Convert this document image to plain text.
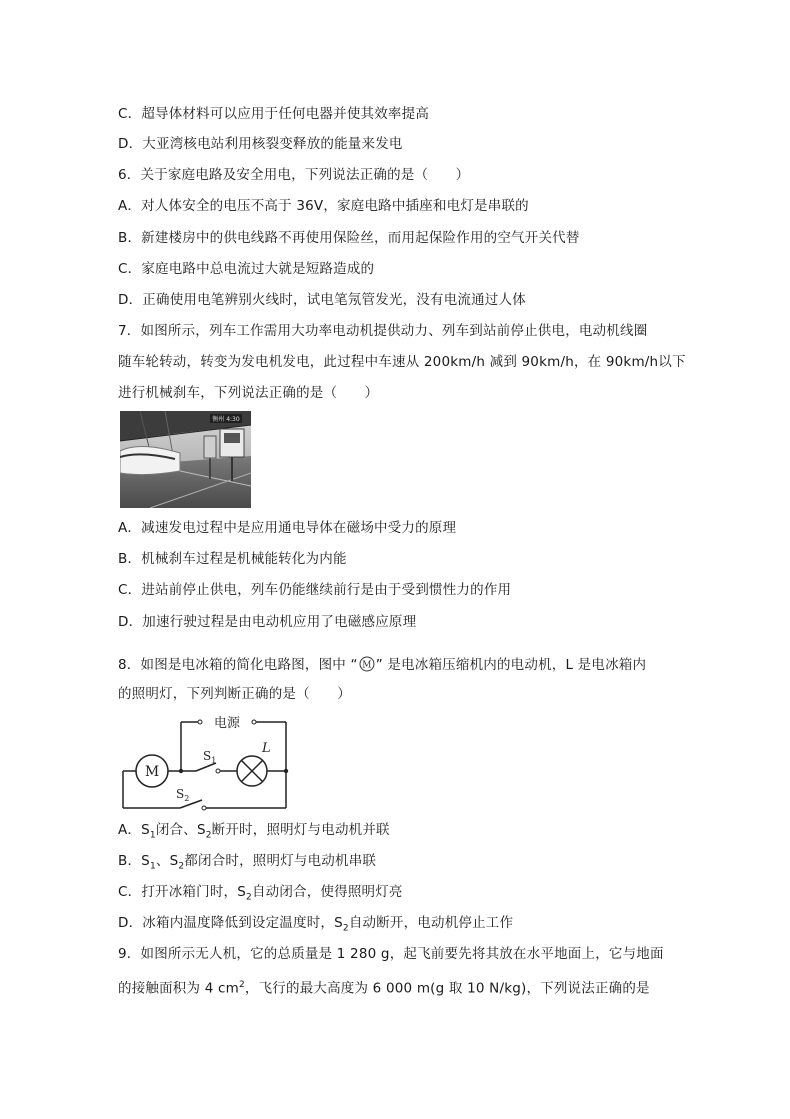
C．超导体材料可以应用于任何电器并使其效率提高
D．大亚湾核电站利用核裂变释放的能量来发电
6．关于家庭电路及安全用电，下列说法正确的是（　　）
A．对人体安全的电压不高于 36V，家庭电路中插座和电灯是串联的
B．新建楼房中的供电线路不再使用保险丝，而用起保险作用的空气开关代替
C．家庭电路中总电流过大就是短路造成的
D．正确使用电笔辨别火线时，试电笔氖管发光，没有电流通过人体
7．如图所示，列车工作需用大功率电动机提供动力、列车到站前停止供电，电动机线圈
随车轮转动，转变为发电机发电，此过程中车速从 200km/h 减到 90km/h，在 90km/h以下
进行机械刹车，下列说法正确的是（　　）
衡州 4:30
A．减速发电过程中是应用通电导体在磁场中受力的原理
B．机械刹车过程是机械能转化为内能
C．进站前停止供电，列车仍能继续前行是由于受到惯性力的作用
D．加速行驶过程是由电动机应用了电磁感应原理
8．如图是电冰箱的简化电路图，图中 “ M ” 是电冰箱压缩机内的电动机，L 是电冰箱内
的照明灯，下列判断正确的是（　　）
电源
M
L
$S_1$
$S_2$
A．$S_1$闭合、$S_2$断开时，照明灯与电动机并联
B．$S_1$、$S_2$都闭合时，照明灯与电动机串联
C．打开冰箱门时，$S_2$自动闭合，使得照明灯亮
D．冰箱内温度降低到设定温度时，$S_2$自动断开，电动机停止工作
9．如图所示无人机，它的总质量是 1 280 g，起飞前要先将其放在水平地面上，它与地面
的接触面积为 4 $cm^2$，飞行的最大高度为 6 000 m(g 取 10 N/kg)，下列说法正确的是
